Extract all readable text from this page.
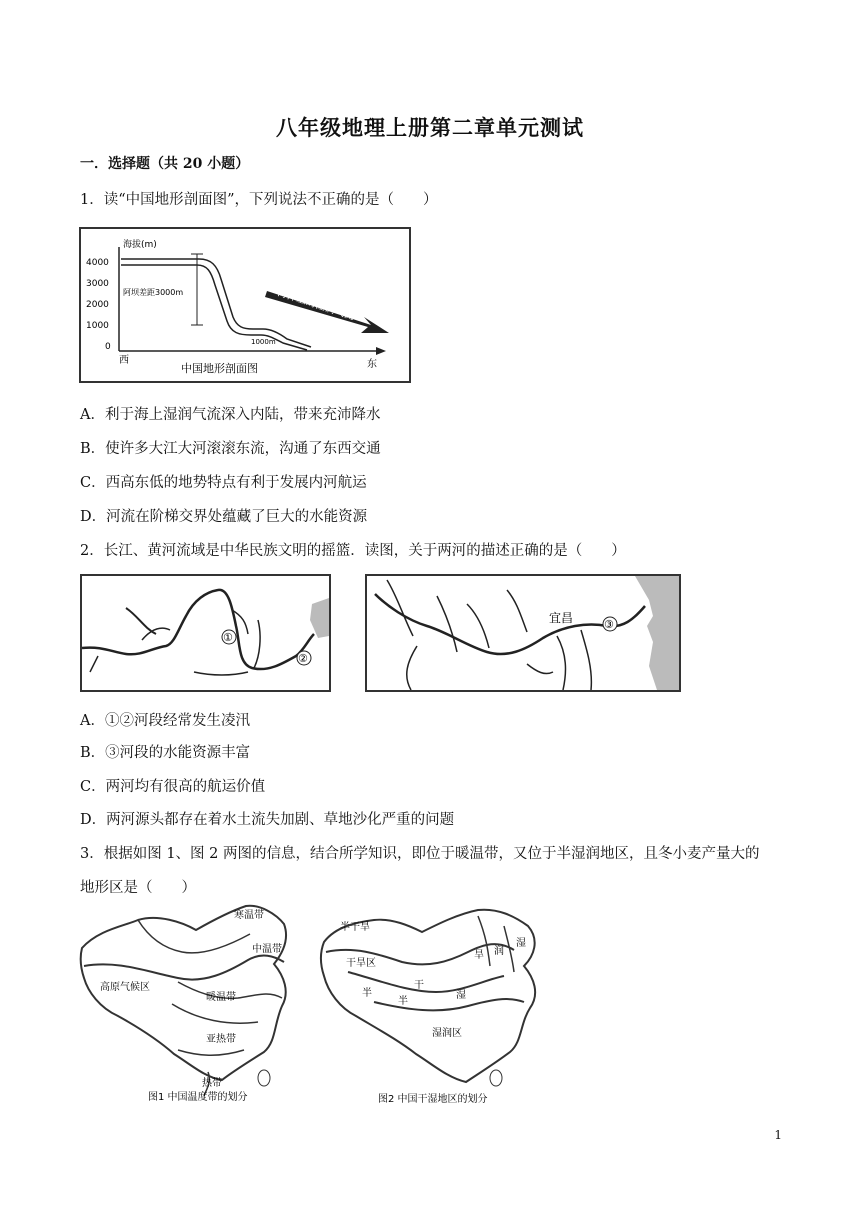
八年级地理上册第二章单元测试
一．选择题（共 20 小题）
1．读“中国地形剖面图”，下列说法不正确的是（　　）
4000
3000
2000
1000
0
海拔(m)
阿坝差距3000m
1000m
海洋上的湿润气流
西	东
中国地形剖面图
A．利于海上湿润气流深入内陆，带来充沛降水
B．使许多大江大河滚滚东流，沟通了东西交通
C．西高东低的地势特点有利于发展内河航运
D．河流在阶梯交界处蕴藏了巨大的水能资源
2．长江、黄河流域是中华民族文明的摇篮．读图，关于两河的描述正确的是（　　）
①
②
宜昌	③
A．①②河段经常发生凌汛
B．③河段的水能资源丰富
C．两河均有很高的航运价值
D．两河源头都存在着水土流失加剧、草地沙化严重的问题
3．根据如图 1、图 2 两图的信息，结合所学知识，即位于暖温带，又位于半湿润地区，且冬小麦产量大的
地形区是（　　）
寒温带
中温带
高原气候区
暖温带
亚热带
热带
图1 中国温度带的划分
半干旱
干旱区
半
干
半
湿
湿润区
旱
湿
润
图2 中国干湿地区的划分
1
